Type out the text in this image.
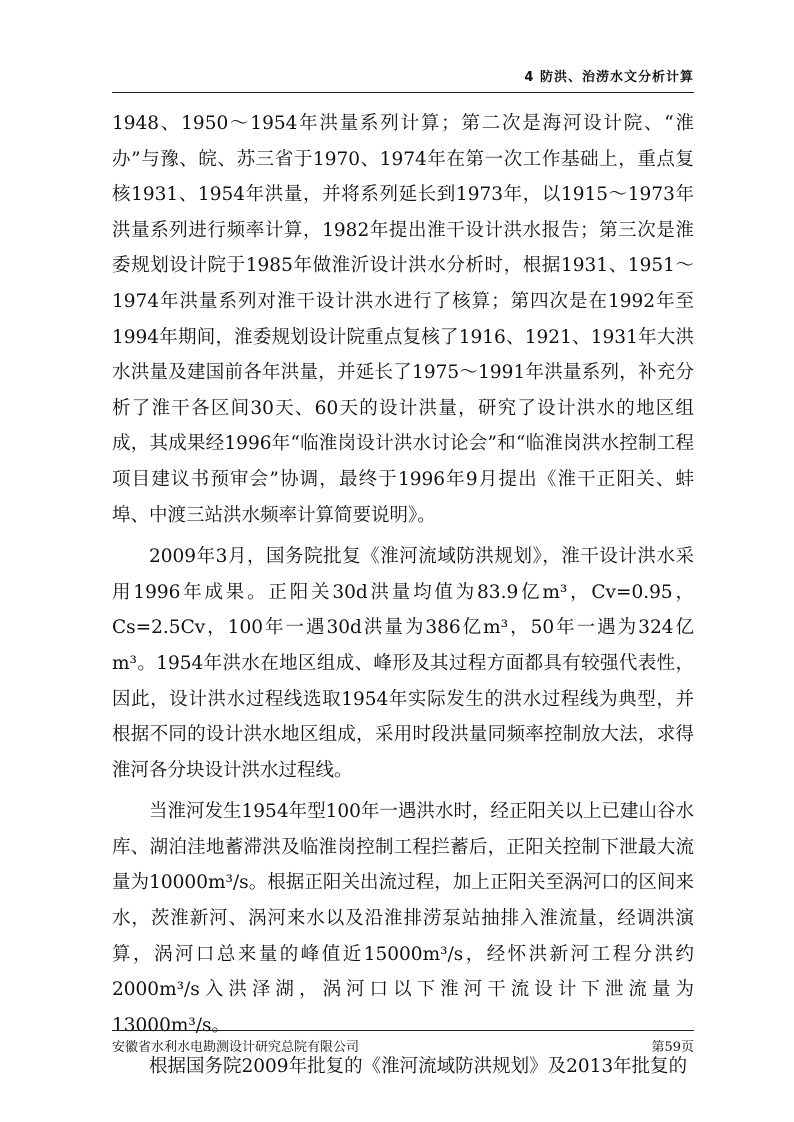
4 防洪、治涝水文分析计算

1948、1950～1954年洪量系列计算；第二次是海河设计院、“淮办”与豫、皖、苏三省于1970、1974年在第一次工作基础上，重点复核1931、1954年洪量，并将系列延长到1973年，以1915～1973年洪量系列进行频率计算，1982年提出淮干设计洪水报告；第三次是淮委规划设计院于1985年做淮沂设计洪水分析时，根据1931、1951～1974年洪量系列对淮干设计洪水进行了核算；第四次是在1992年至1994年期间，淮委规划设计院重点复核了1916、1921、1931年大洪水洪量及建国前各年洪量，并延长了1975～1991年洪量系列，补充分析了淮干各区间30天、60天的设计洪量，研究了设计洪水的地区组成，其成果经1996年“临淮岗设计洪水讨论会”和“临淮岗洪水控制工程项目建议书预审会”协调，最终于1996年9月提出《淮干正阳关、蚌埠、中渡三站洪水频率计算简要说明》。

2009年3月，国务院批复《淮河流域防洪规划》，淮干设计洪水采用1996年成果。正阳关30d洪量均值为83.9亿m³，Cv=0.95，Cs=2.5Cv，100年一遇30d洪量为386亿m³，50年一遇为324亿m³。1954年洪水在地区组成、峰形及其过程方面都具有较强代表性，因此，设计洪水过程线选取1954年实际发生的洪水过程线为典型，并根据不同的设计洪水地区组成，采用时段洪量同频率控制放大法，求得淮河各分块设计洪水过程线。

当淮河发生1954年型100年一遇洪水时，经正阳关以上已建山谷水库、湖泊洼地蓄滞洪及临淮岗控制工程拦蓄后，正阳关控制下泄最大流量为10000m³/s。根据正阳关出流过程，加上正阳关至涡河口的区间来水，茨淮新河、涡河来水以及沿淮排涝泵站抽排入淮流量，经调洪演算，涡河口总来量的峰值近15000m³/s，经怀洪新河工程分洪约2000m³/s入洪泽湖，涡河口以下淮河干流设计下泄流量为13000m³/s。

根据国务院2009年批复的《淮河流域防洪规划》及2013年批复的

安徽省水利水电勘测设计研究总院有限公司	第59页
